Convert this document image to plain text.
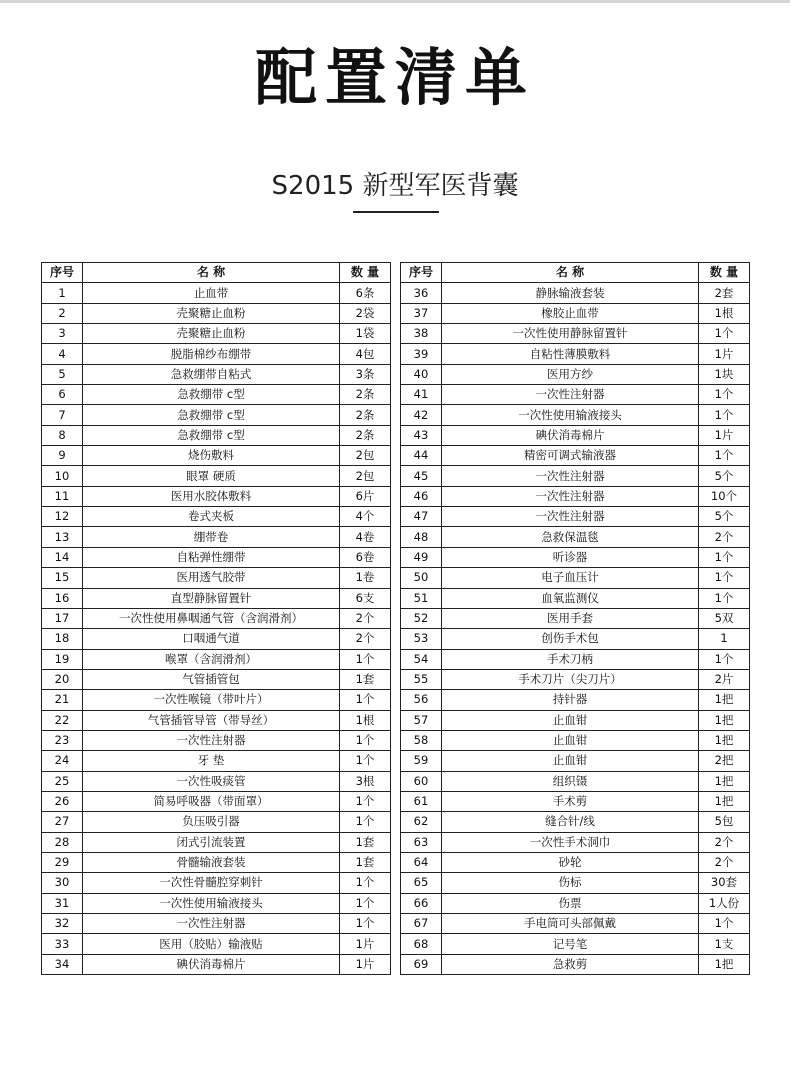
配置清单
S2015 新型军医背囊
序号	名 称	数 量
1	止血带	6条
2	壳聚糖止血粉	2袋
3	壳聚糖止血粉	1袋
4	脱脂棉纱布绷带	4包
5	急救绷带自粘式	3条
6	急救绷带 c型	2条
7	急救绷带 c型	2条
8	急救绷带 c型	2条
9	烧伤敷料	2包
10	眼罩 硬质	2包
11	医用水胶体敷料	6片
12	卷式夹板	4个
13	绷带卷	4卷
14	自粘弹性绷带	6卷
15	医用透气胶带	1卷
16	直型静脉留置针	6支
17	一次性使用鼻咽通气管（含润滑剂）	2个
18	口咽通气道	2个
19	喉罩（含润滑剂）	1个
20	气管插管包	1套
21	一次性喉镜（带叶片）	1个
22	气管插管导管（带导丝）	1根
23	一次性注射器	1个
24	牙 垫	1个
25	一次性吸痰管	3根
26	简易呼吸器（带面罩）	1个
27	负压吸引器	1个
28	闭式引流装置	1套
29	骨髓输液套装	1套
30	一次性骨髓腔穿刺针	1个
31	一次性使用输液接头	1个
32	一次性注射器	1个
33	医用（胶贴）输液贴	1片
34	碘伏消毒棉片	1片
序号	名 称	数 量
36	静脉输液套装	2套
37	橡胶止血带	1根
38	一次性使用静脉留置针	1个
39	自粘性薄膜敷料	1片
40	医用方纱	1块
41	一次性注射器	1个
42	一次性使用输液接头	1个
43	碘伏消毒棉片	1片
44	精密可调式输液器	1个
45	一次性注射器	5个
46	一次性注射器	10个
47	一次性注射器	5个
48	急救保温毯	2个
49	听诊器	1个
50	电子血压计	1个
51	血氧监测仪	1个
52	医用手套	5双
53	创伤手术包	1
54	手术刀柄	1个
55	手术刀片（尖刀片）	2片
56	持针器	1把
57	止血钳	1把
58	止血钳	1把
59	止血钳	2把
60	组织镊	1把
61	手术剪	1把
62	缝合针/线	5包
63	一次性手术洞巾	2个
64	砂轮	2个
65	伤标	30套
66	伤票	1人份
67	手电筒可头部佩戴	1个
68	记号笔	1支
69	急救剪	1把
